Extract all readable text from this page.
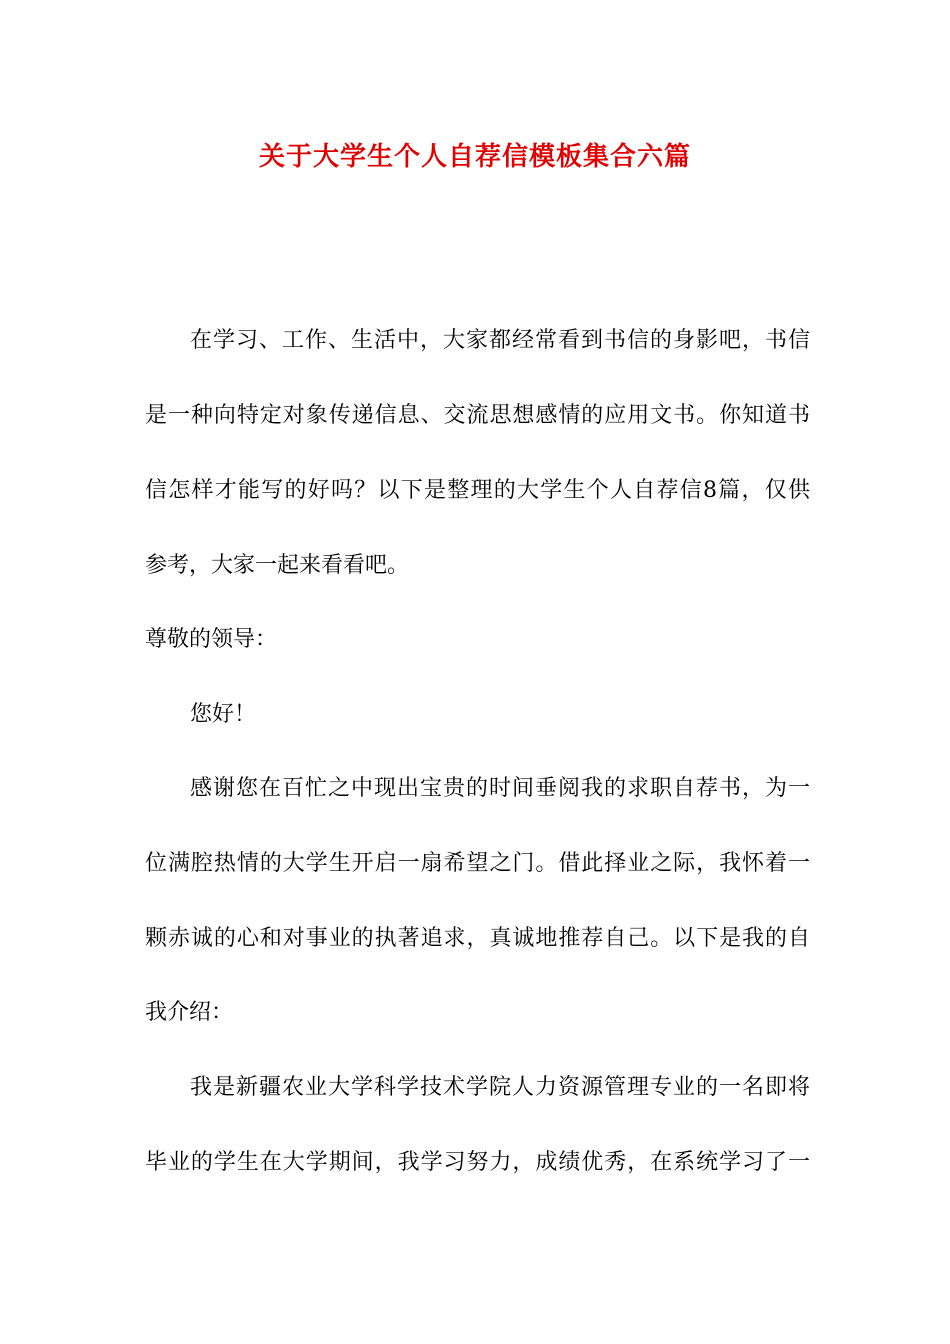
关于大学生个人自荐信模板集合六篇
在学习、工作、生活中，大家都经常看到书信的身影吧，书信
是一种向特定对象传递信息、交流思想感情的应用文书。你知道书
信怎样才能写的好吗？以下是整理的大学生个人自荐信8篇，仅供
参考，大家一起来看看吧。
尊敬的领导：
您好！
感谢您在百忙之中现出宝贵的时间垂阅我的求职自荐书，为一
位满腔热情的大学生开启一扇希望之门。借此择业之际，我怀着一
颗赤诚的心和对事业的执著追求，真诚地推荐自己。以下是我的自
我介绍：
我是新疆农业大学科学技术学院人力资源管理专业的一名即将
毕业的学生在大学期间，我学习努力，成绩优秀，在系统学习了一
